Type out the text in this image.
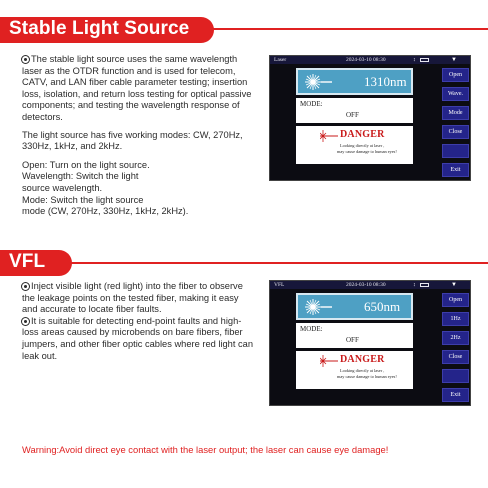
Stable Light Source

The stable light source uses the same wavelength laser as the OTDR function and is used for telecom, CATV, and LAN fiber cable parameter testing; insertion loss, isolation, and return loss testing for optical passive components; and testing the wavelength response of detectors.

The light source has five working modes: CW, 270Hz, 330Hz, 1kHz, and 2kHz.

Open: Turn on the light source.

Wavelength: Switch the light

source wavelength.

Mode: Switch the light source

mode (CW, 270Hz, 330Hz, 1kHz, 2kHz).

Laser	2024-03-10 08:30	↕	▼
1310nm
MODE:
OFF
DANGER
Looking directly at laser ,
may cause damage to human eyes!
Open
Wave.
Mode
Close
Exit
VFL

Inject visible light (red light) into the fiber to observe the leakage points on the tested fiber, making it easy and accurate to locate fiber faults.

It is suitable for detecting end-point faults and high-loss areas caused by microbends on bare fibers, fiber jumpers, and other fiber optic cables where red light can leak out.

VFL	2024-03-10 08:30	↕	▼
650nm
MODE:
OFF
DANGER
Looking directly at laser ,
may cause damage to human eyes!
Open
1Hz
2Hz
Close
Exit
Warning:Avoid direct eye contact with the laser output; the laser can cause eye damage!
